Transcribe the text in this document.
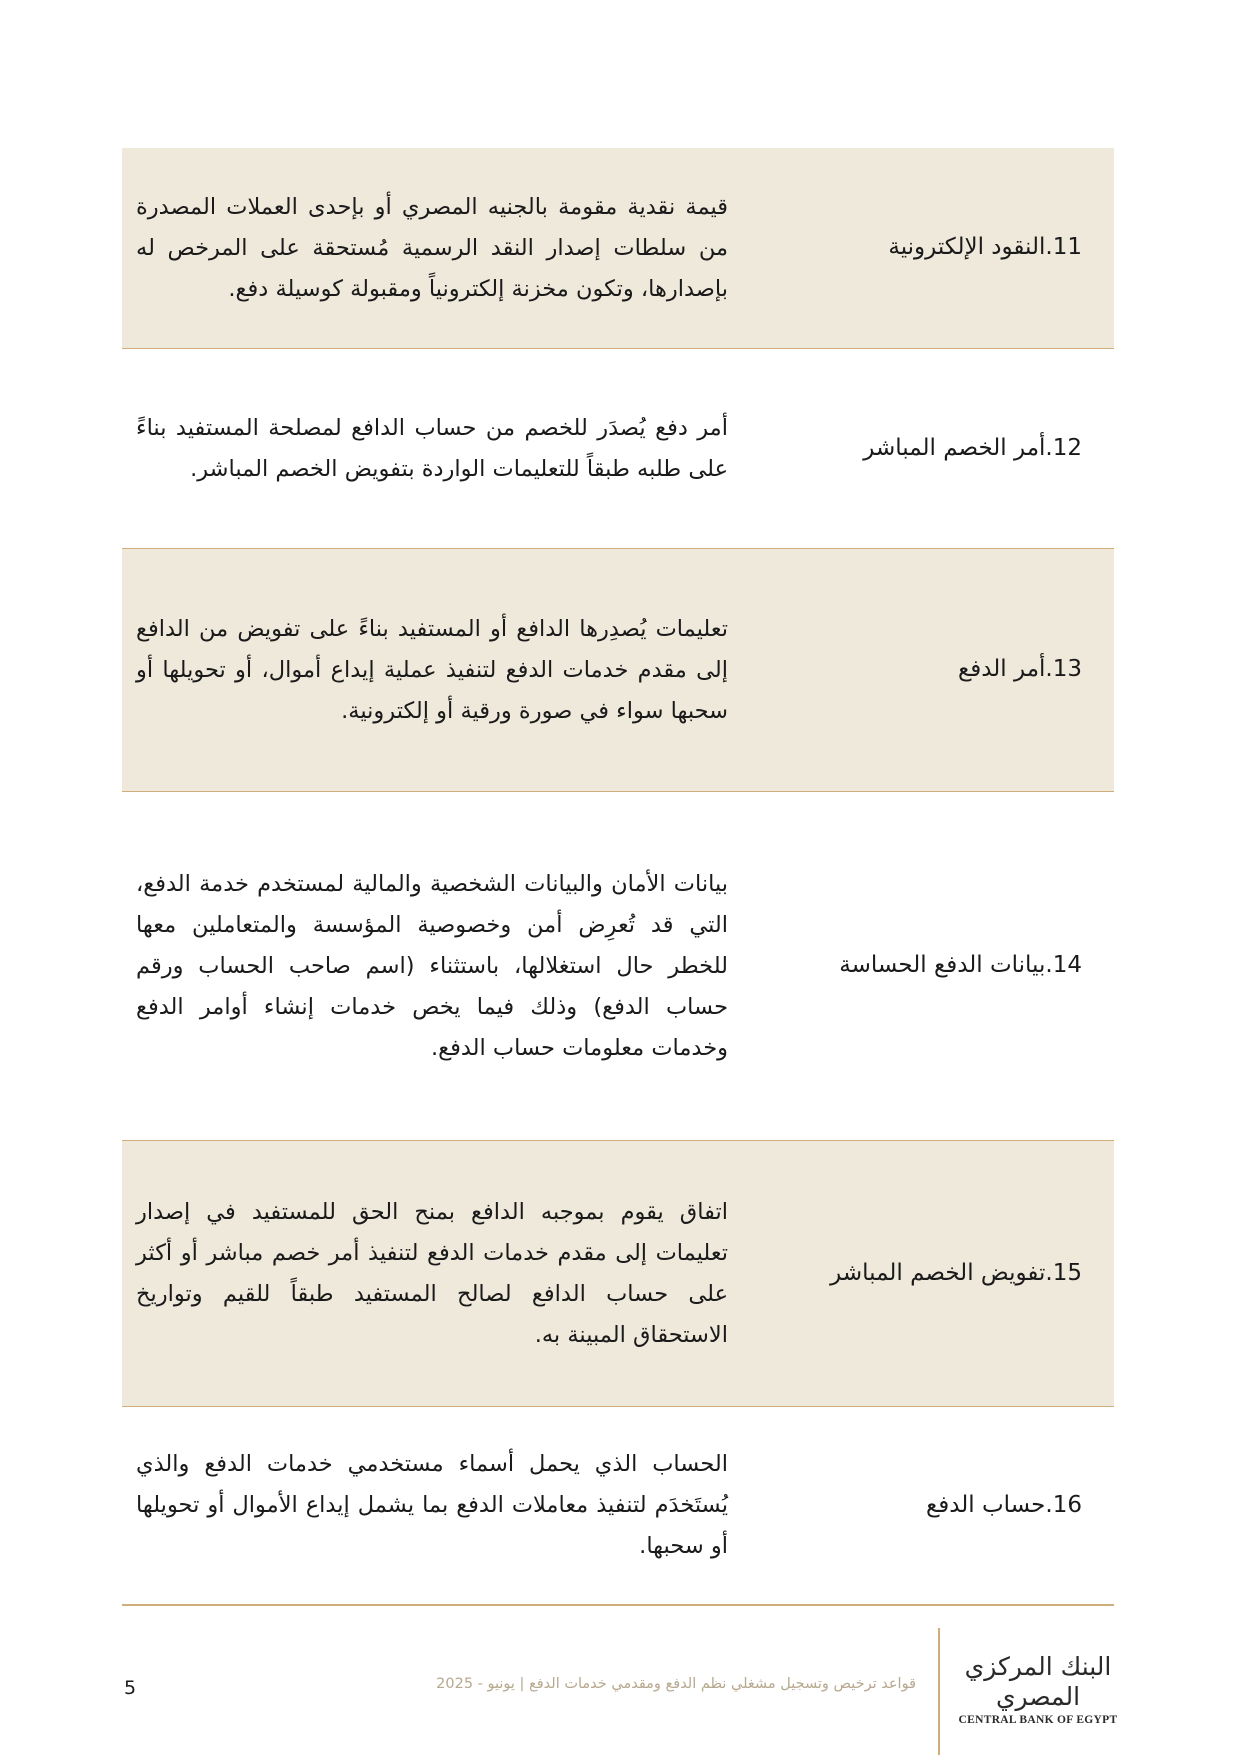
11.النقود الإلكترونية
قيمة نقدية مقومة بالجنيه المصري أو بإحدى العملات المصدرة من سلطات إصدار النقد الرسمية مُستحقة على المرخص له بإصدارها، وتكون مخزنة إلكترونياً ومقبولة كوسيلة دفع.
12.أمر الخصم المباشر
أمر دفع يُصدَر للخصم من حساب الدافع لمصلحة المستفيد بناءً على طلبه طبقاً للتعليمات الواردة بتفويض الخصم المباشر.
13.أمر الدفع
تعليمات يُصدِرها الدافع أو المستفيد بناءً على تفويض من الدافع إلى مقدم خدمات الدفع لتنفيذ عملية إيداع أموال، أو تحويلها أو سحبها سواء في صورة ورقية أو إلكترونية.
14.بيانات الدفع الحساسة
بيانات الأمان والبيانات الشخصية والمالية لمستخدم خدمة الدفع، التي قد تُعرِض أمن وخصوصية المؤسسة والمتعاملين معها للخطر حال استغلالها، باستثناء (اسم صاحب الحساب ورقم حساب الدفع) وذلك فيما يخص خدمات إنشاء أوامر الدفع وخدمات معلومات حساب الدفع.
15.تفويض الخصم المباشر
اتفاق يقوم بموجبه الدافع بمنح الحق للمستفيد في إصدار تعليمات إلى مقدم خدمات الدفع لتنفيذ أمر خصم مباشر أو أكثر على حساب الدافع لصالح المستفيد طبقاً للقيم وتواريخ الاستحقاق المبينة به.
16.حساب الدفع
الحساب الذي يحمل أسماء مستخدمي خدمات الدفع والذي يُستَخدَم لتنفيذ معاملات الدفع بما يشمل إيداع الأموال أو تحويلها أو سحبها.
قواعد ترخيص وتسجيل مشغلي نظم الدفع ومقدمي خدمات الدفع | يونيو - 2025
5
البنك المركزي المصري
CENTRAL BANK OF EGYPT
